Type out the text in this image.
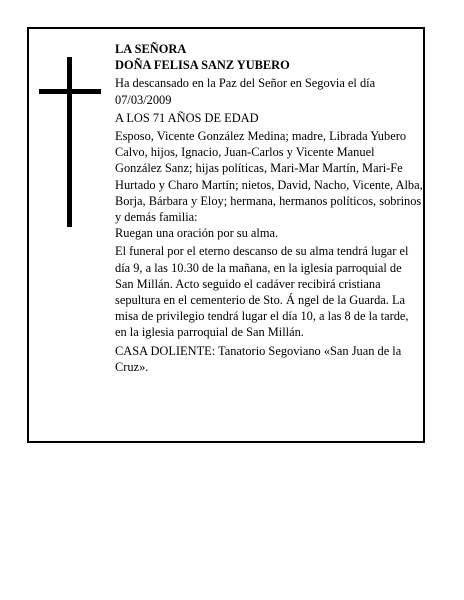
LA SEÑORA

DOÑA FELISA SANZ YUBERO

Ha descansado en la Paz del Señor en Segovia el día 07/03/2009

A LOS 71 AÑOS DE EDAD

Esposo, Vicente González Medina; madre, Librada Yubero Calvo, hijos, Ignacio, Juan-Carlos y Vicente Manuel González Sanz; hijas políticas, Mari-Mar Martín, Mari-Fe Hurtado y Charo Martín; nietos, David, Nacho, Vicente, Alba, Borja, Bárbara y Eloy; hermana, hermanos políticos, sobrinos y demás familia:
Ruegan una oración por su alma.

El funeral por el eterno descanso de su alma tendrá lugar el día 9, a las 10.30 de la mañana, en la iglesia parroquial de San Millán. Acto seguido el cadáver recibirá cristiana sepultura en el cementerio de Sto. Á ngel de la Guarda. La misa de privilegio tendrá lugar el día 10, a las 8 de la tarde, en la iglesia parroquial de San Millán.

CASA DOLIENTE: Tanatorio Segoviano «San Juan de la Cruz».
